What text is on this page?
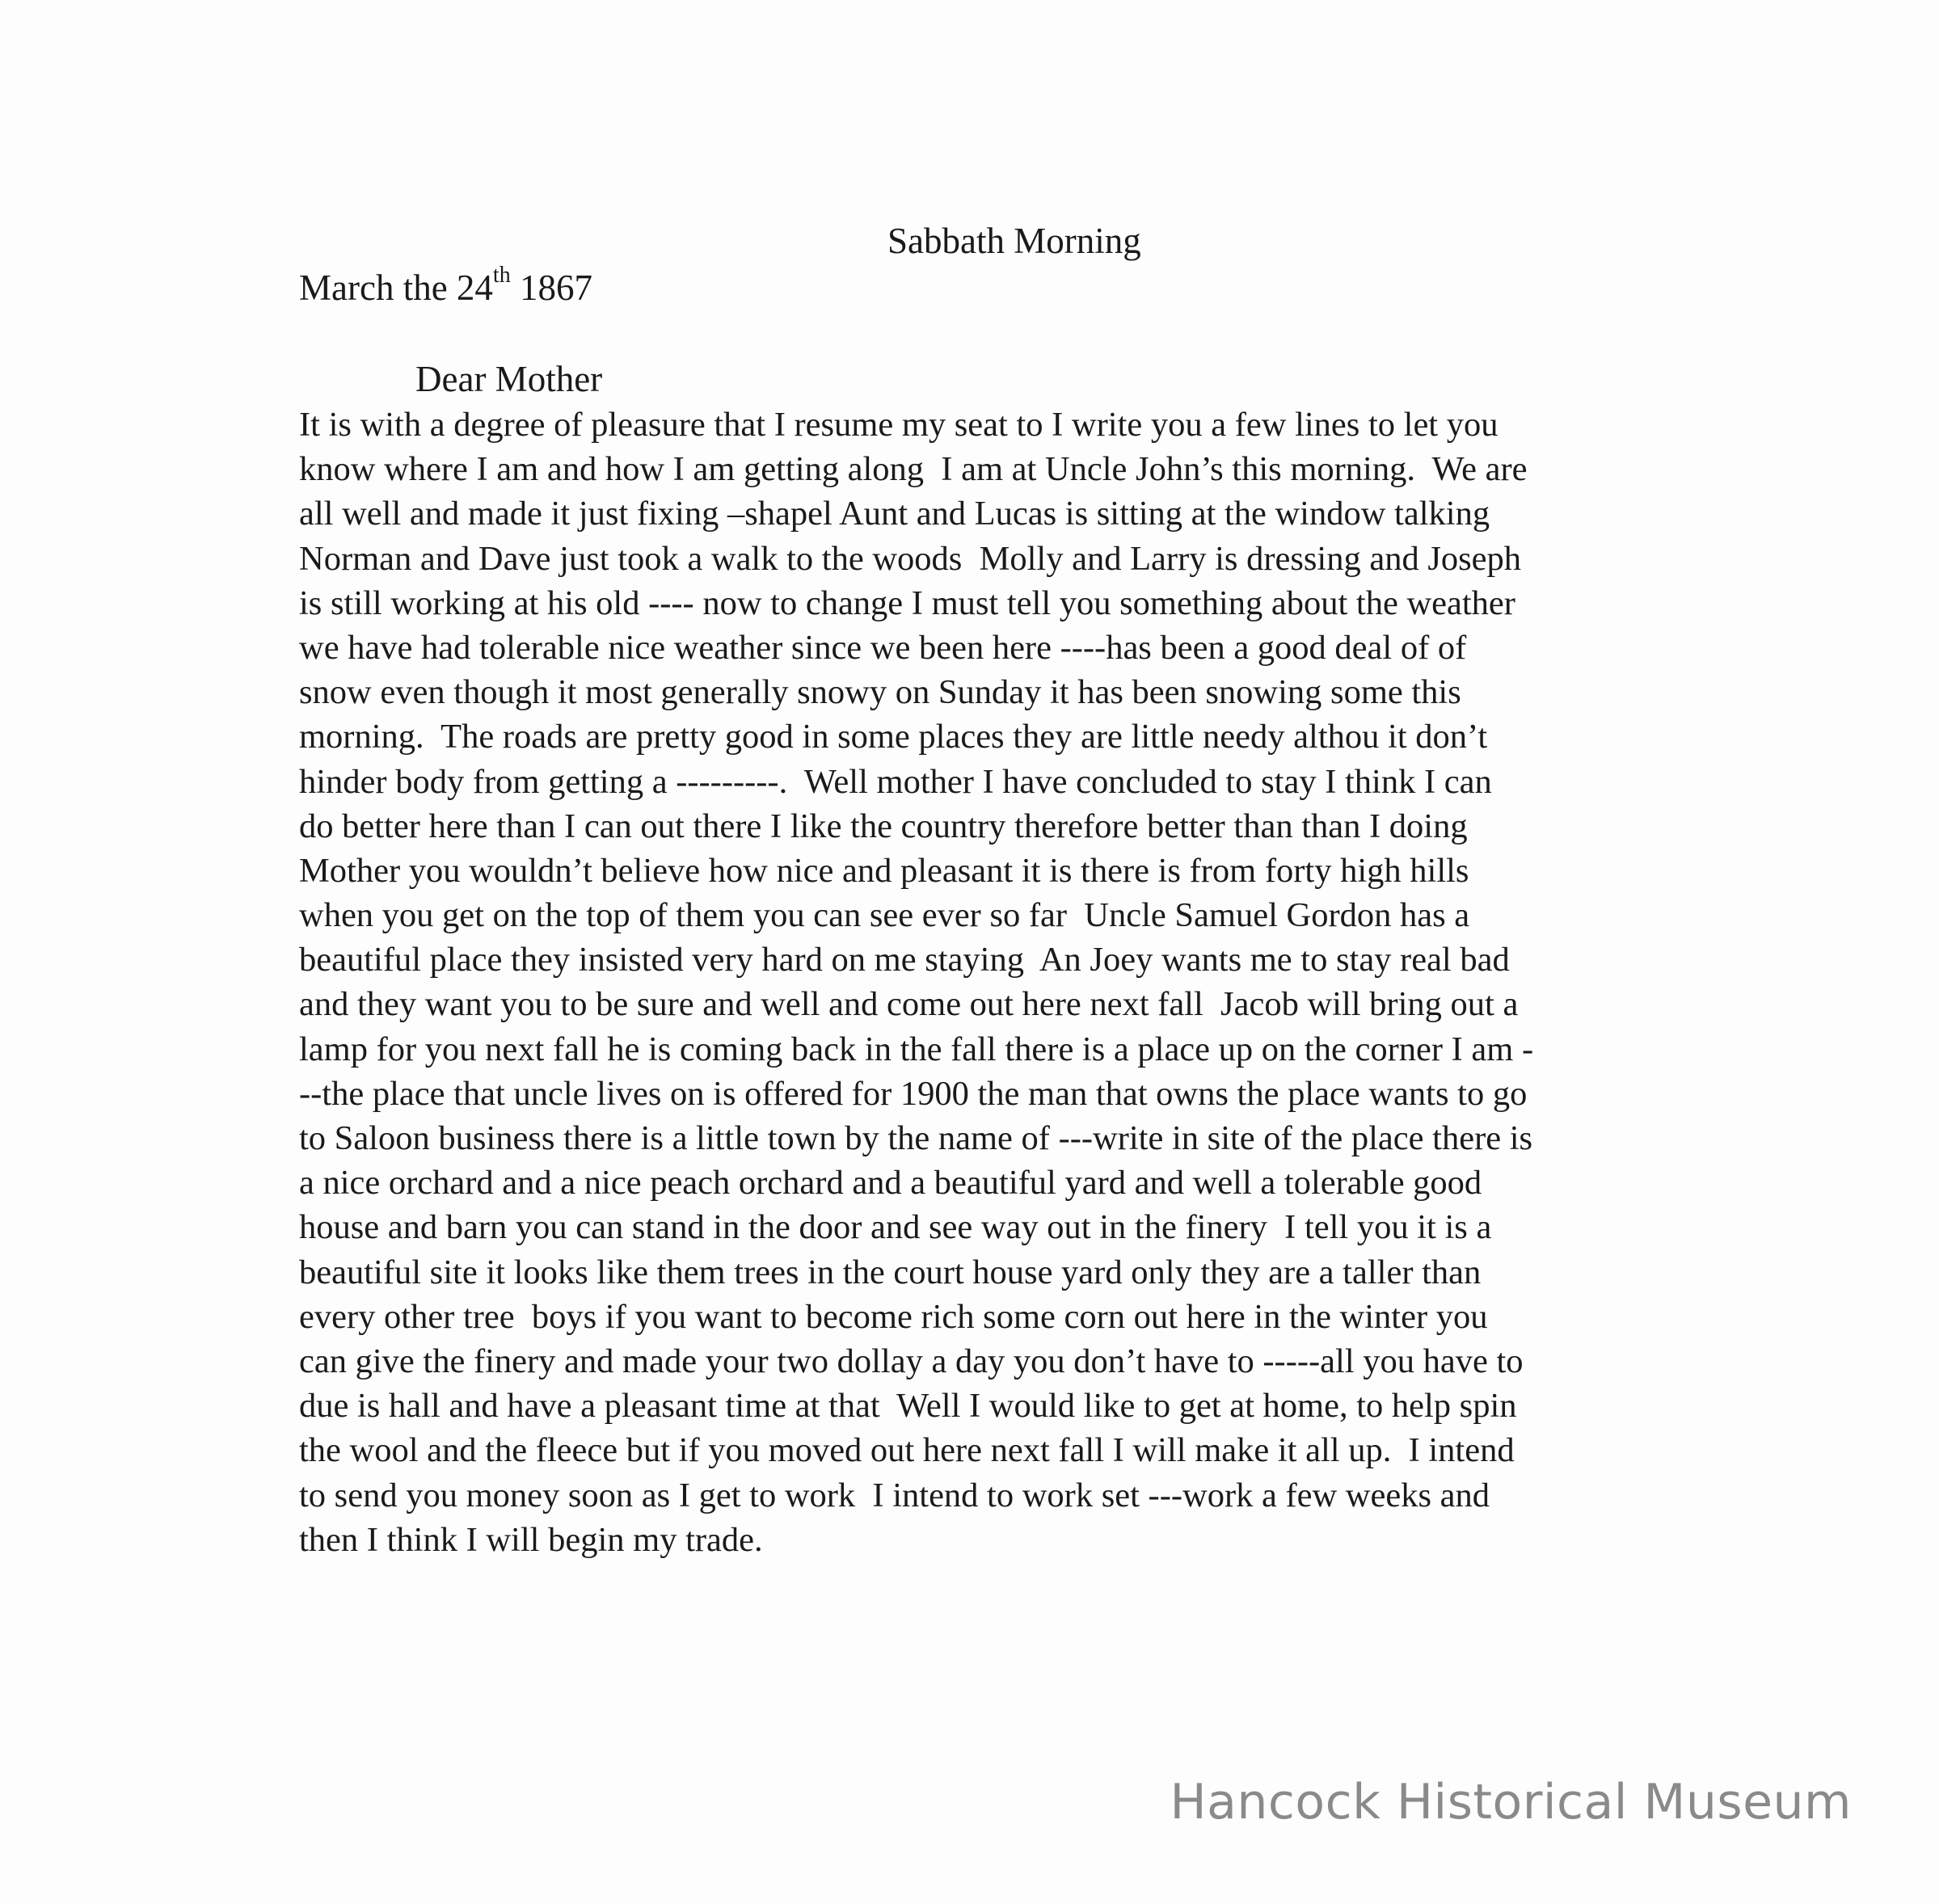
Sabbath Morning
March the 24th 1867
Dear Mother
It is with a degree of pleasure that I resume my seat to I write you a few lines to let you
know where I am and how I am getting along  I am at Uncle John’s this morning.  We are
all well and made it just fixing –shapel Aunt and Lucas is sitting at the window talking
Norman and Dave just took a walk to the woods  Molly and Larry is dressing and Joseph
is still working at his old ---- now to change I must tell you something about the weather
we have had tolerable nice weather since we been here ----has been a good deal of of
snow even though it most generally snowy on Sunday it has been snowing some this
morning.  The roads are pretty good in some places they are little needy althou it don’t
hinder body from getting a ---------.  Well mother I have concluded to stay I think I can
do better here than I can out there I like the country therefore better than than I doing
Mother you wouldn’t believe how nice and pleasant it is there is from forty high hills
when you get on the top of them you can see ever so far  Uncle Samuel Gordon has a
beautiful place they insisted very hard on me staying  An Joey wants me to stay real bad
and they want you to be sure and well and come out here next fall  Jacob will bring out a
lamp for you next fall he is coming back in the fall there is a place up on the corner I am -
--the place that uncle lives on is offered for 1900 the man that owns the place wants to go
to Saloon business there is a little town by the name of ---write in site of the place there is
a nice orchard and a nice peach orchard and a beautiful yard and well a tolerable good
house and barn you can stand in the door and see way out in the finery  I tell you it is a
beautiful site it looks like them trees in the court house yard only they are a taller than
every other tree  boys if you want to become rich some corn out here in the winter you
can give the finery and made your two dollay a day you don’t have to -----all you have to
due is hall and have a pleasant time at that  Well I would like to get at home, to help spin
the wool and the fleece but if you moved out here next fall I will make it all up.  I intend
to send you money soon as I get to work  I intend to work set ---work a few weeks and
then I think I will begin my trade.
Hancock Historical Museum
